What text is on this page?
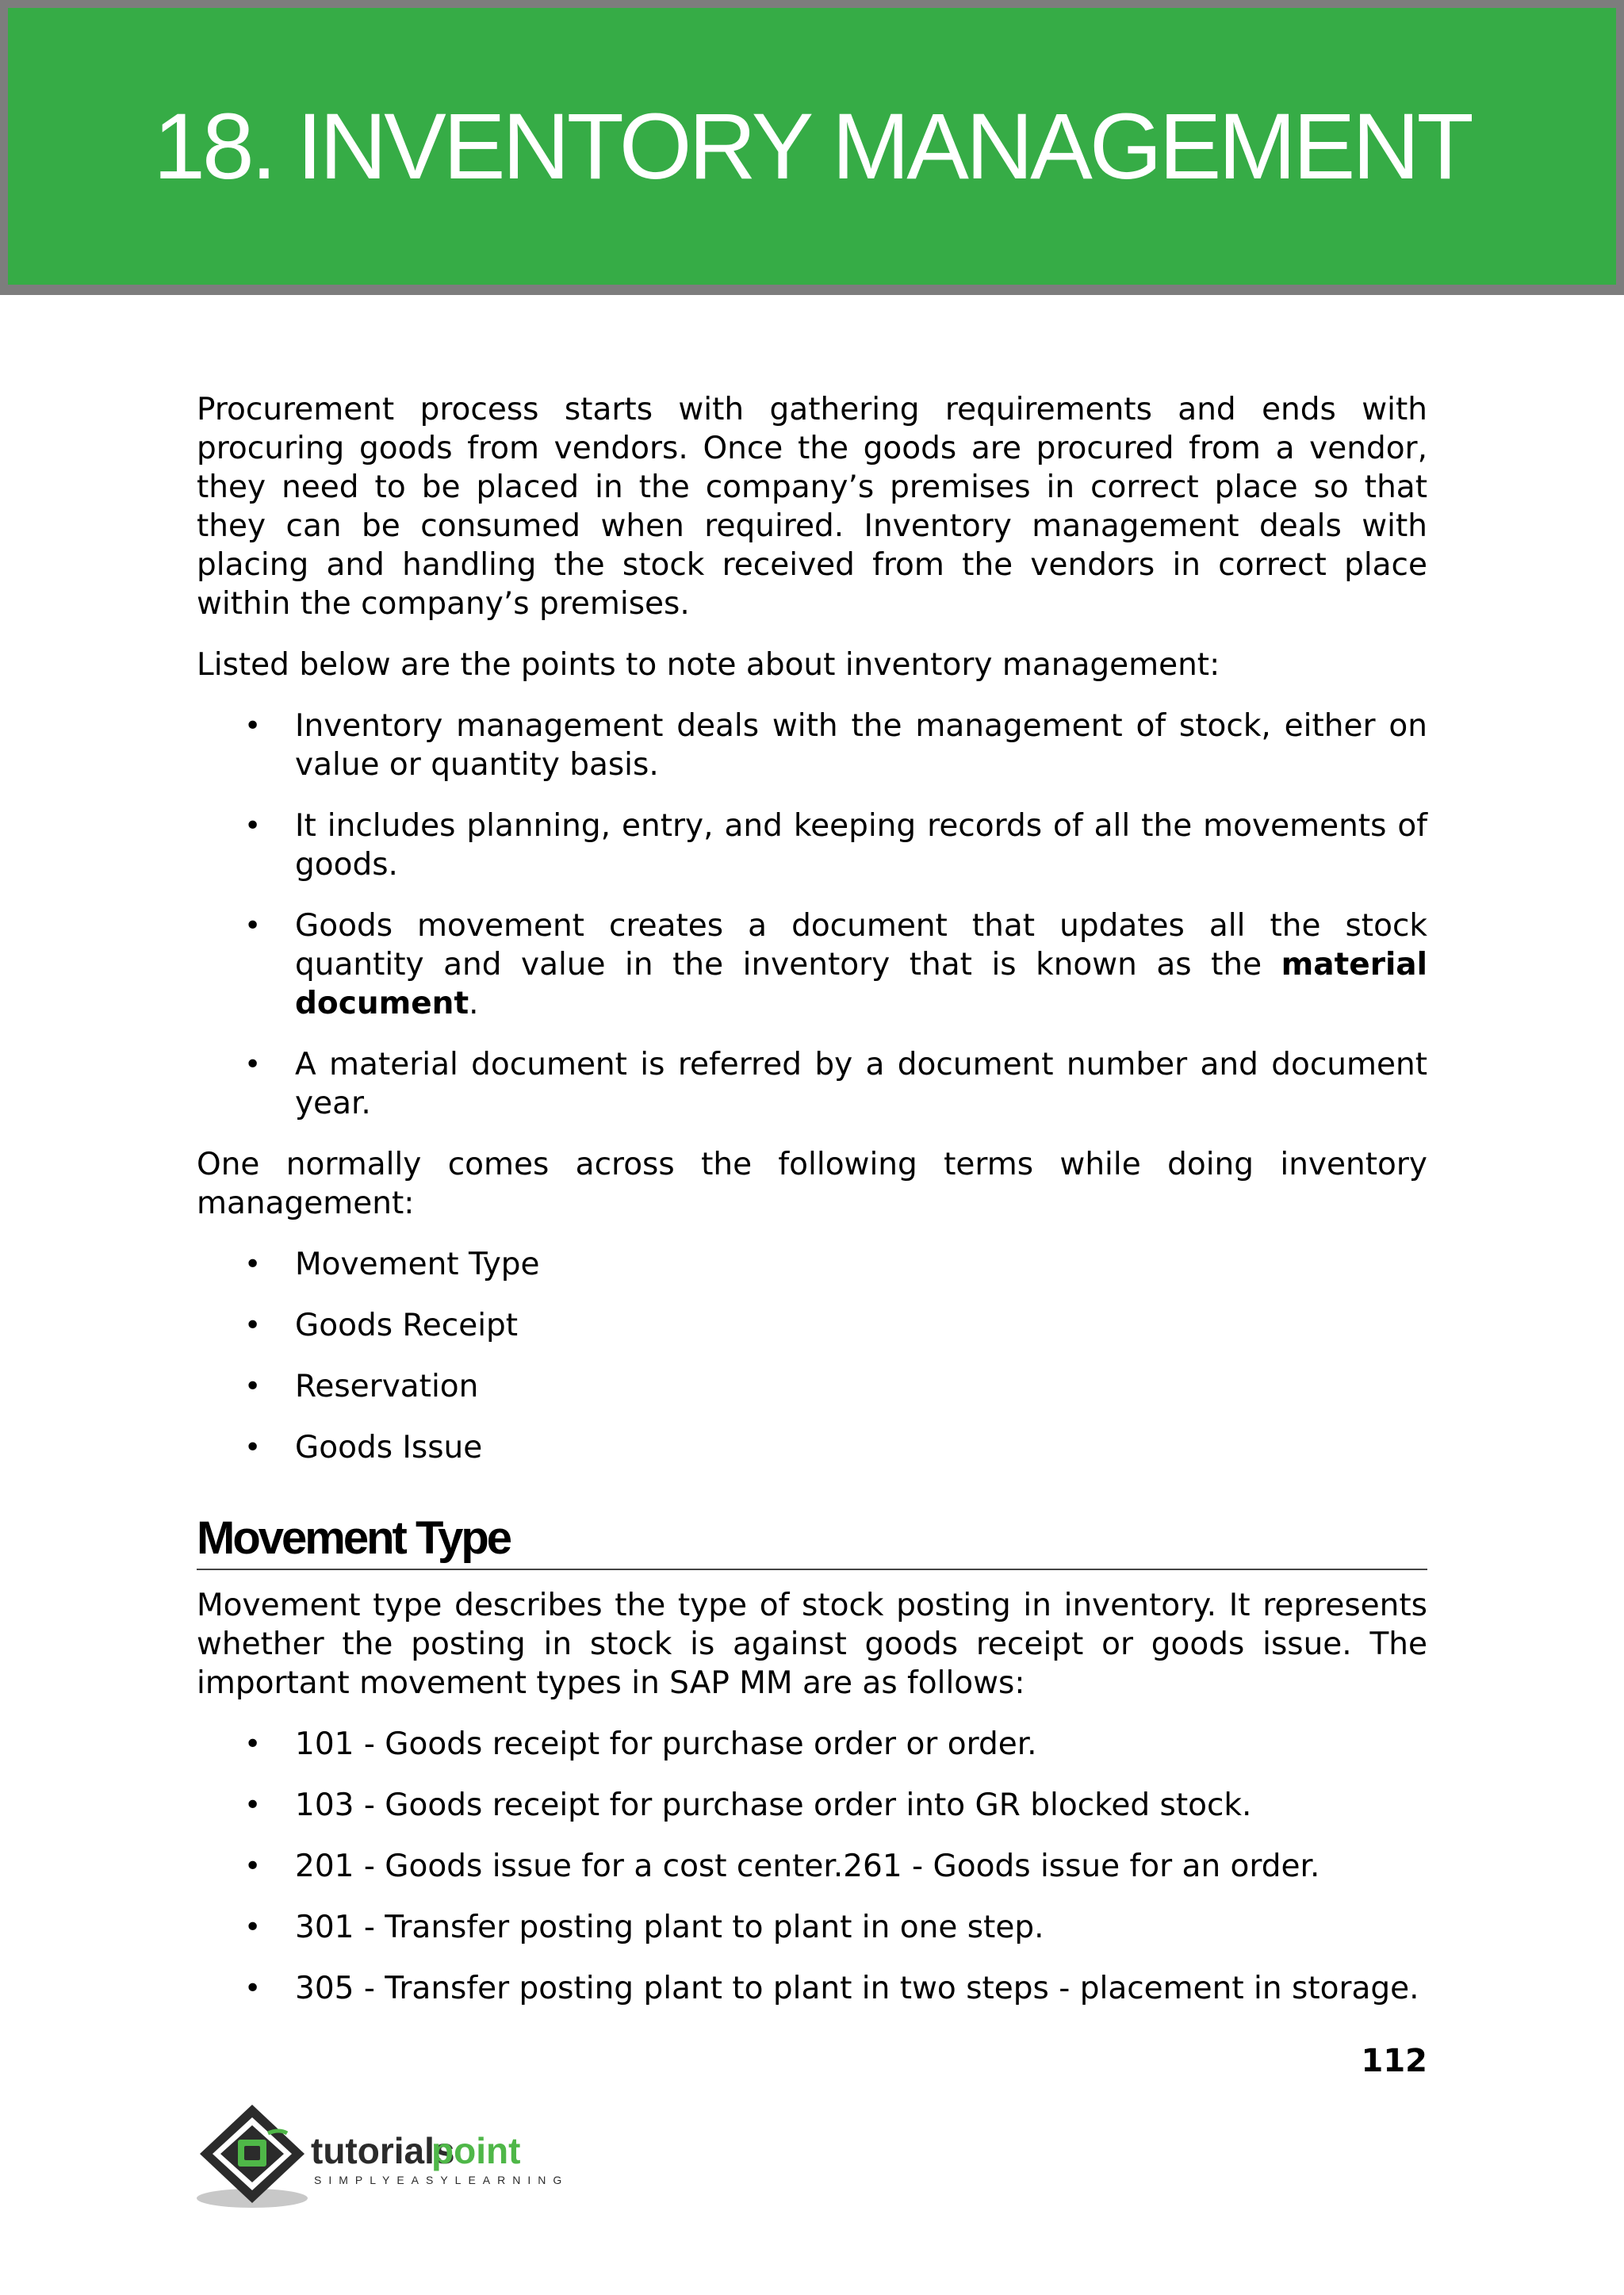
18. INVENTORY MANAGEMENT

Procurement process starts with gathering requirements and ends with procuring goods from vendors. Once the goods are procured from a vendor, they need to be placed in the company’s premises in correct place so that they can be consumed when required. Inventory management deals with placing and handling the stock received from the vendors in correct place within the company’s premises.

Listed below are the points to note about inventory management:

• Inventory management deals with the management of stock, either on value or quantity basis.
• It includes planning, entry, and keeping records of all the movements of goods.
• Goods movement creates a document that updates all the stock quantity and value in the inventory that is known as the material document.
• A material document is referred by a document number and document year.

One normally comes across the following terms while doing inventory management:

• Movement Type
• Goods Receipt
• Reservation
• Goods Issue
Movement Type

Movement type describes the type of stock posting in inventory. It represents whether the posting in stock is against goods receipt or goods issue. The important movement types in SAP MM are as follows:

• 101 - Goods receipt for purchase order or order.
• 103 - Goods receipt for purchase order into GR blocked stock.
• 201 - Goods issue for a cost center.261 - Goods issue for an order.
• 301 - Transfer posting plant to plant in one step.
• 305 - Transfer posting plant to plant in two steps - placement in storage.
112
tutorials
point
SIMPLYEASYLEARNING
